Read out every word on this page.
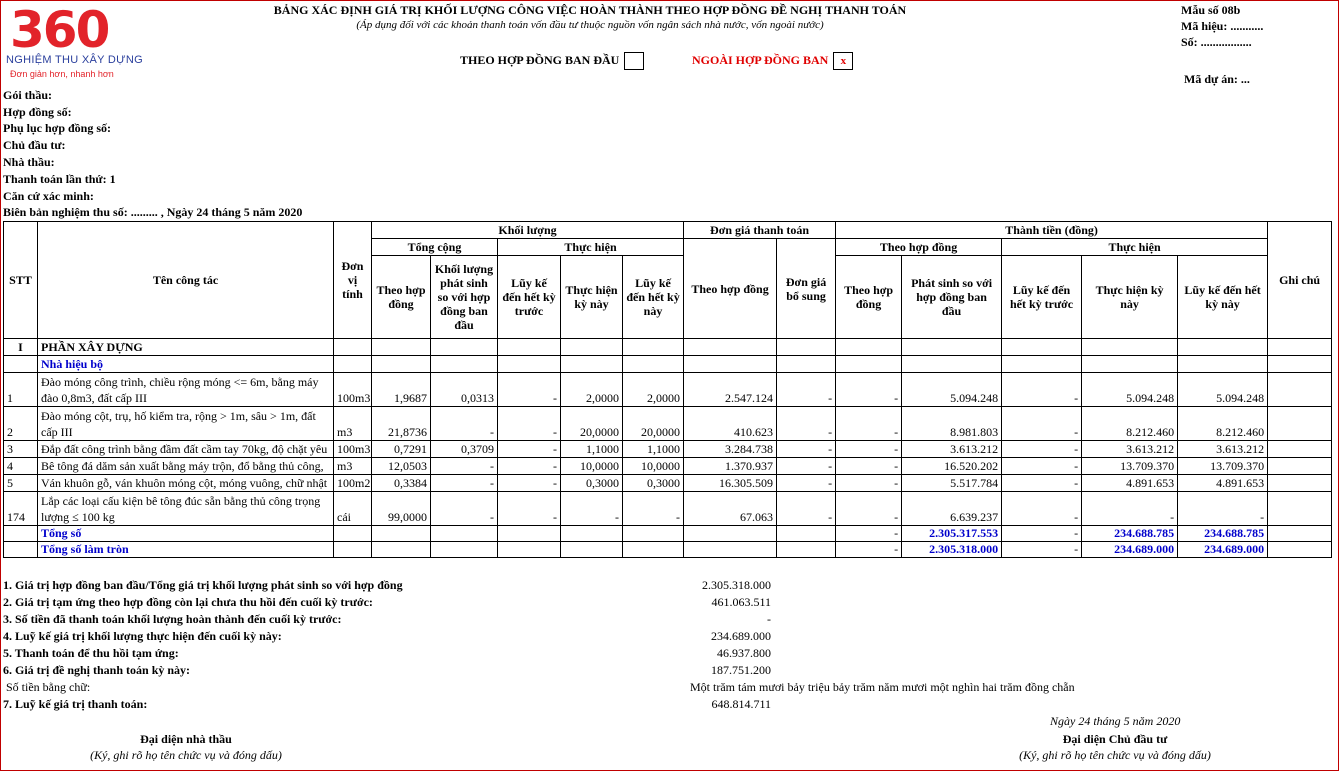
360
NGHIỆM THU XÂY DỰNG
Đơn giản hơn, nhanh hơn
BẢNG XÁC ĐỊNH GIÁ TRỊ KHỐI LƯỢNG CÔNG VIỆC HOÀN THÀNH THEO HỢP ĐỒNG ĐỀ NGHỊ THANH TOÁN
(Áp dụng đối với các khoản thanh toán vốn đầu tư thuộc nguồn vốn ngân sách nhà nước, vốn ngoài nước)
Mẫu số 08b
Mã hiệu: ...........
Số: .................
Mã dự án: ...
THEO HỢP ĐỒNG BAN ĐẦU	NGOÀI HỢP ĐỒNG BAN x
Gói thầu:
Hợp đồng số:
Phụ lục hợp đồng số:
Chủ đầu tư:
Nhà thầu:
Thanh toán lần thứ: 1
Căn cứ xác minh:
Biên bản nghiệm thu số: ......... , Ngày 24 tháng 5 năm 2020
STT	Tên công tác	Đơn vị tính	Khối lượng					Đơn giá thanh toán		Thành tiền (đồng)					Ghi chú
			Tổng cộng		Thực hiện			Theo hợp đồng	Đơn giá bổ sung	Theo hợp đồng		Thực hiện			
			Theo hợp đồng	Khối lượng phát sinh so với hợp đồng ban đầu	Lũy kế đến hết kỳ trước	Thực hiện kỳ này	Lũy kế đến hết kỳ này			Theo hợp đồng	Phát sinh so với hợp đồng ban đầu	Lũy kế đến hết kỳ trước	Thực hiện kỳ này	Lũy kế đến hết kỳ này	
I	PHẦN XÂY DỰNG														
	Nhà hiệu bộ														
1	Đào móng công trình, chiều rộng móng <= 6m, bằng máy đào 0,8m3, đất cấp III	100m3	1,9687	0,0313	-	2,0000	2,0000	2.547.124	-	-	5.094.248	-	5.094.248	5.094.248	
2	Đào móng cột, trụ, hố kiểm tra, rộng > 1m, sâu > 1m, đất cấp III	m3	21,8736	-	-	20,0000	20,0000	410.623	-	-	8.981.803	-	8.212.460	8.212.460	
3	Đắp đất công trình bằng đầm đất cầm tay 70kg, độ chặt yêu	100m3	0,7291	0,3709	-	1,1000	1,1000	3.284.738	-	-	3.613.212	-	3.613.212	3.613.212	
4	Bê tông đá dăm sản xuất bằng máy trộn, đổ bằng thủ công,	m3	12,0503	-	-	10,0000	10,0000	1.370.937	-	-	16.520.202	-	13.709.370	13.709.370	
5	Ván khuôn gỗ, ván khuôn móng cột, móng vuông, chữ nhật	100m2	0,3384	-	-	0,3000	0,3000	16.305.509	-	-	5.517.784	-	4.891.653	4.891.653	
174	Lắp các loại cấu kiện bê tông đúc sẵn bằng thủ công trọng lượng ≤ 100 kg	cái	99,0000	-	-	-	-	67.063	-	-	6.639.237	-	-	-	
	Tổng số									-	2.305.317.553	-	234.688.785	234.688.785	
	Tổng số làm tròn									-	2.305.318.000	-	234.689.000	234.689.000	
1. Giá trị hợp đồng ban đầu/Tổng giá trị khối lượng phát sinh so với hợp đồng	2.305.318.000
2. Giá trị tạm ứng theo hợp đồng còn lại chưa thu hồi đến cuối kỳ trước:	461.063.511
3. Số tiền đã thanh toán khối lượng hoàn thành đến cuối kỳ trước:	-
4. Luỹ kế giá trị khối lượng thực hiện đến cuối kỳ này:	234.689.000
5. Thanh toán để thu hồi tạm ứng:	46.937.800
6. Giá trị đề nghị thanh toán kỳ này:	187.751.200
Số tiền bằng chữ:	Một trăm tám mươi bảy triệu bảy trăm năm mươi một nghìn hai trăm đồng chẵn
7. Luỹ kế giá trị thanh toán:	648.814.711
Ngày 24 tháng 5 năm 2020
Đại diện nhà thầu
(Ký, ghi rõ họ tên chức vụ và đóng dấu)
Đại diện Chủ đầu tư
(Ký, ghi rõ họ tên chức vụ và đóng dấu)
